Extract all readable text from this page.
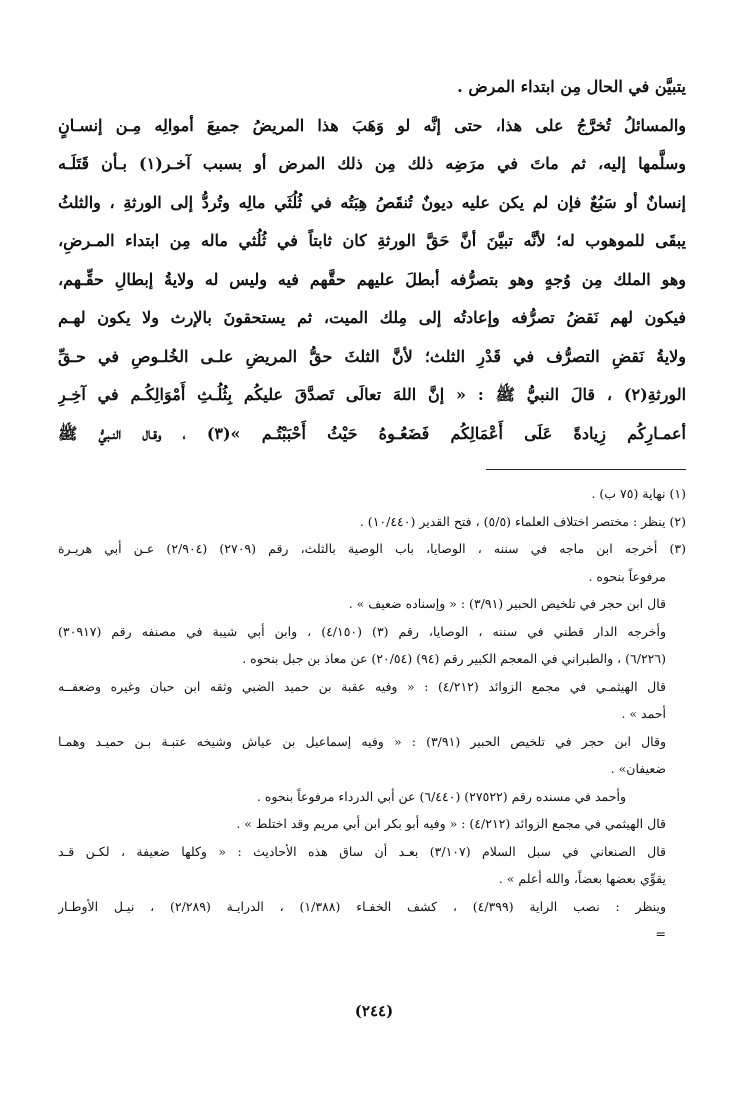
يتبيَّن في الحال مِن ابتداء المرض .
والمسائلُ تُخرَّجُ على هذا، حتى إنَّه لو وَهَبَ هذا المريضُ جميعَ أموالِه مِـن إنسـانٍ
وسلَّمها إليه، ثم ماتَ في مرَضِه ذلك مِن ذلك المرض أو بسبب آخـر(١) بـأن قَتَلَـه
إنسانٌ أو سَبُعٌ فإن لم يكن عليه ديونٌ تُنقَصُ هِبَتُه في ثُلُثَي مالِه وتُردُّ إلى الورثةِ ، والثلثُ
يبقَى للموهوب له؛ لأنَّه تبيَّنَ أنَّ حَقَّ الورثةِ كان ثابتاً في ثُلُثي ماله مِن ابتداء المـرضِ،
وهو الملك مِن وُجهٍ وهو بتصرُّفه أبطلَ عليهم حقَّهم فيه وليس له ولايةُ إبطالِ حقِّـهم،
فيكون لهم نَقضُ تصرُّفه وإعادتُه إلى مِلك الميت، ثم يستحقونَ بالإرث ولا يكون لهـم
ولايةُ نَقضِ التصرُّف في قَدْرِ الثلث؛ لأنَّ الثلثَ حقُّ المريضِ علـى الخُلـوصِ في حـقِّ
الورثةِ(٢) ، قالَ النبيُّ ﷺ : « إنَّ اللهَ تعالَى تَصدَّقَ عليكُم بِثُلُـثِ أَمْوَالِكُـم في آخِـرِ
أعمـارِكُم زِيادةً عَلَى أَعْمَالِكُم فَضَعُـوهُ حَيْثُ أَحْبَبْتُـم »(٣) ، وقـال النـبيُّ ﷺ
(١) نهاية (٧٥ ب) .
(٢) ينظر : مختصر اختلاف العلماء (٥/٥) ، فتح القدير (١٠/٤٤٠) .
(٣) أخرجه ابن ماجه في سننه ، الوصايا، باب الوصية بالثلث، رقم (٢٧٠٩) (٢/٩٠٤) عـن أبي هريـرة
مرفوعاً بنحوه .
قال ابن حجر في تلخيص الحبير (٣/٩١) : « وإسناده ضعيف » .
وأخرجه الدار قطني في سننه ، الوصايا، رقم (٣) (٤/١٥٠) ، وابن أبي شيبة في مصنفه رقم (٣٠٩١٧)
(٦/٢٢٦) ، والطبراني في المعجم الكبير رقم (٩٤) (٢٠/٥٤) عن معاذ بن جبل بنحوه .
قال الهيثمـي في مجمع الزوائد (٤/٢١٢) : « وفيه عقبة بن حميد الضبي وثقه ابن حبان وغيره وضعفــه
أحمد » .
وقال ابن حجر في تلخيص الحبير (٣/٩١) : « وفيه إسماعيل بن عياش وشيخه عتبـة بـن حميـد وهمـا
ضعيفان» .
وأحمد في مسنده رقم (٢٧٥٢٢) (٦/٤٤٠) عن أبي الدرداء مرفوعاً بنحوه .
قال الهيثمي في مجمع الزوائد (٤/٢١٢) : « وفيه أبو بكر ابن أبي مريم وقد اختلط » .
قال الصنعاني في سبل السلام (٣/١٠٧) بعـد أن ساق هذه الأحاديث : « وكلها ضعيفة ، لكـن قـد
يقوِّي بعضها بعضاً، والله أعلم » .
وينظر : نصب الراية (٤/٣٩٩) ، كشف الخفـاء (١/٣٨٨) ، الدرايـة (٢/٢٨٩) ، نيـل الأوطـار
=
(٢٤٤)
